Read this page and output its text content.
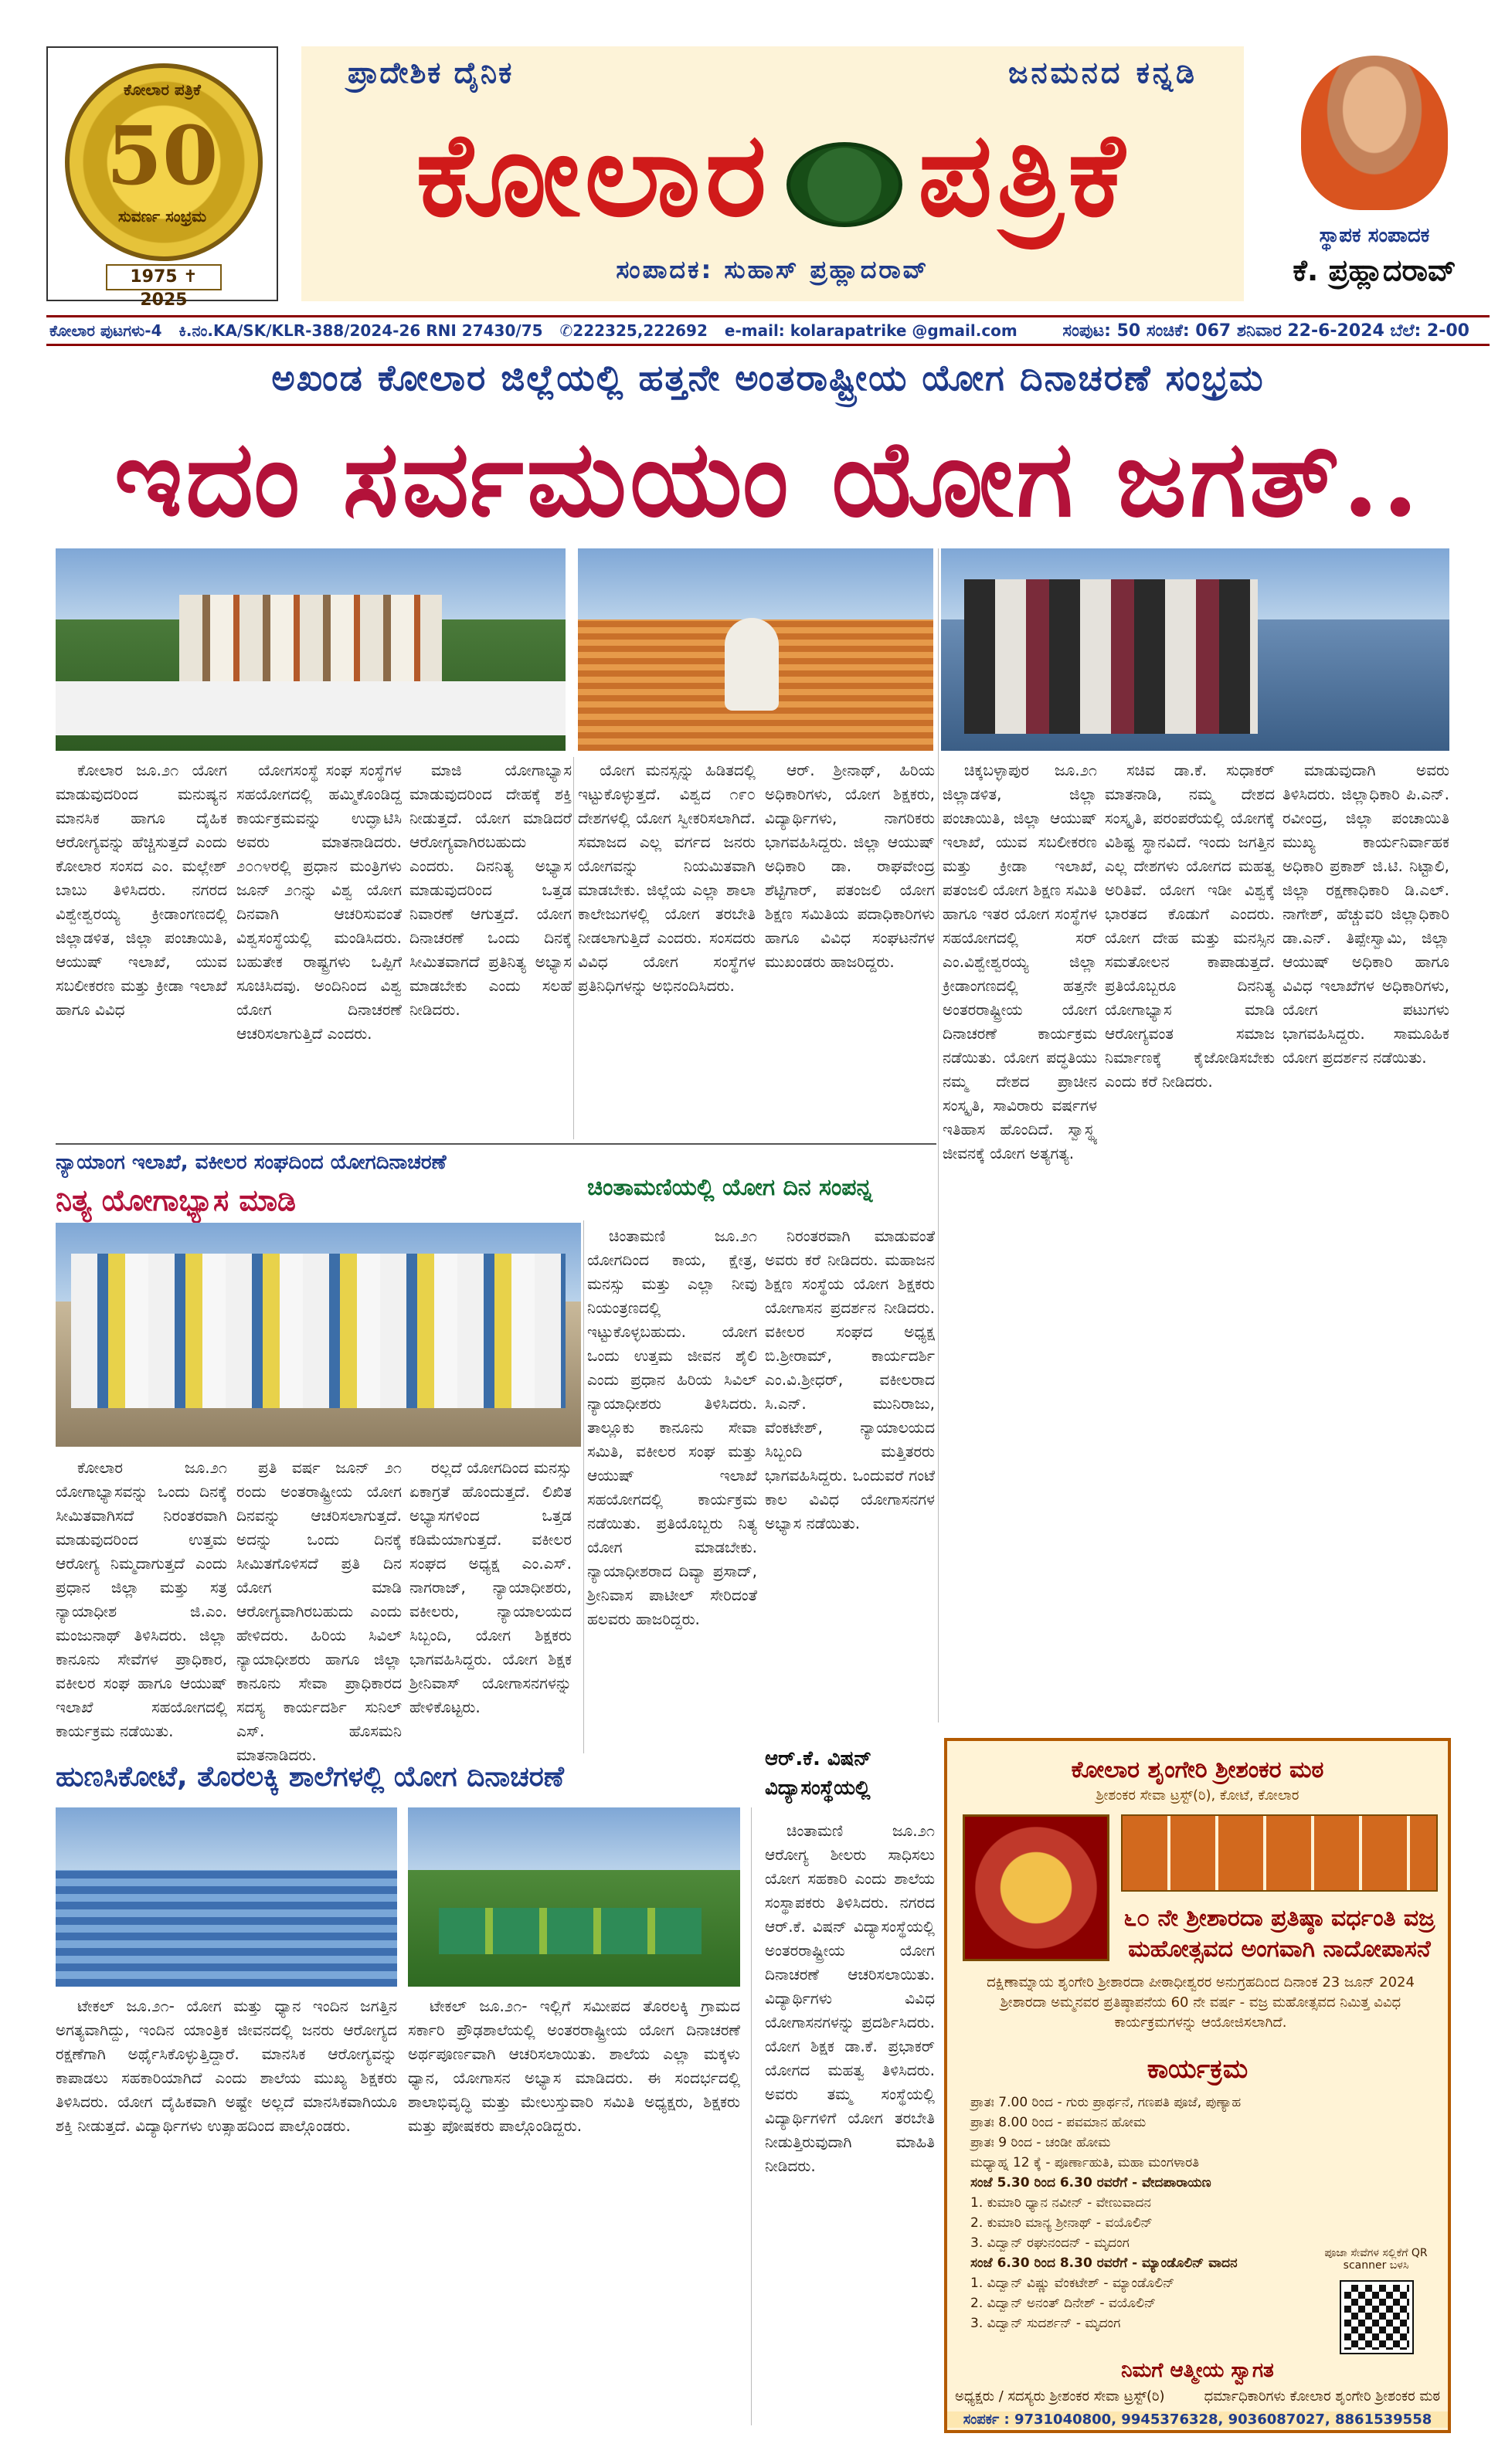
ಕೋಲಾರ ಪತ್ರಿಕೆ
50
ಸುವರ್ಣ ಸಂಭ್ರಮ
1975 ✝ 2025
ಪ್ರಾದೇಶಿಕ ದೈನಿಕ	ಜನಮನದ ಕನ್ನಡಿ
ಕೋಲಾರ ಪತ್ರಿಕೆ
ಸಂಪಾದಕ: ಸುಹಾಸ್ ಪ್ರಹ್ಲಾದರಾವ್
ಸ್ಥಾಪಕ ಸಂಪಾದಕ
ಕೆ. ಪ್ರಹ್ಲಾದರಾವ್
ಕೋಲಾರ ಪುಟಗಳು-4 ಕಿ.ನಂ.KA/SK/KLR-388/2024-26 RNI 27430/75 ✆222325,222692 e-mail: kolarapatrike @gmail.com	ಸಂಪುಟ: 50 ಸಂಚಿಕೆ: 067 ಶನಿವಾರ 22-6-2024 ಬೆಲೆ: 2-00
ಅಖಂಡ ಕೋಲಾರ ಜಿಲ್ಲೆಯಲ್ಲಿ ಹತ್ತನೇ ಅಂತರಾಷ್ಟ್ರೀಯ ಯೋಗ ದಿನಾಚರಣೆ ಸಂಭ್ರಮ
ಇದಂ ಸರ್ವಮಯಂ ಯೋಗ ಜಗತ್..

ಕೋಲಾರ ಜೂ.೨೧ ಯೋಗ ಮಾಡುವುದರಿಂದ ಮನುಷ್ಯನ ಮಾನಸಿಕ ಹಾಗೂ ದೈಹಿಕ ಆರೋಗ್ಯವನ್ನು ಹೆಚ್ಚಿಸುತ್ತದೆ ಎಂದು ಕೋಲಾರ ಸಂಸದ ಎಂ. ಮಲ್ಲೇಶ್ ಬಾಬು ತಿಳಿಸಿದರು. ನಗರದ ವಿಶ್ವೇಶ್ವರಯ್ಯ ಕ್ರೀಡಾಂಗಣದಲ್ಲಿ ಜಿಲ್ಲಾಡಳಿತ, ಜಿಲ್ಲಾ ಪಂಚಾಯಿತಿ, ಆಯುಷ್ ಇಲಾಖೆ, ಯುವ ಸಬಲೀಕರಣ ಮತ್ತು ಕ್ರೀಡಾ ಇಲಾಖೆ ಹಾಗೂ ವಿವಿಧ

ಯೋಗಸಂಸ್ಥೆ ಸಂಘ ಸಂಸ್ಥೆಗಳ ಸಹಯೋಗದಲ್ಲಿ ಹಮ್ಮಿಕೊಂಡಿದ್ದ ಕಾರ್ಯಕ್ರಮವನ್ನು ಉದ್ಘಾಟಿಸಿ ಅವರು ಮಾತನಾಡಿದರು. ೨೦೧೪ರಲ್ಲಿ ಪ್ರಧಾನ ಮಂತ್ರಿಗಳು ಜೂನ್ ೨೧ನ್ನು ವಿಶ್ವ ಯೋಗ ದಿನವಾಗಿ ಆಚರಿಸುವಂತೆ ವಿಶ್ವಸಂಸ್ಥೆಯಲ್ಲಿ ಮಂಡಿಸಿದರು. ಬಹುತೇಕ ರಾಷ್ಟ್ರಗಳು ಒಪ್ಪಿಗೆ ಸೂಚಿಸಿದವು. ಅಂದಿನಿಂದ ವಿಶ್ವ ಯೋಗ ದಿನಾಚರಣೆ ಆಚರಿಸಲಾಗುತ್ತಿದೆ ಎಂದರು.

ಮಾಜಿ ಯೋಗಾಭ್ಯಾಸ ಮಾಡುವುದರಿಂದ ದೇಹಕ್ಕೆ ಶಕ್ತಿ ನೀಡುತ್ತದೆ. ಯೋಗ ಮಾಡಿದರೆ ಆರೋಗ್ಯವಾಗಿರಬಹುದು ಎಂದರು. ದಿನನಿತ್ಯ ಅಭ್ಯಾಸ ಮಾಡುವುದರಿಂದ ಒತ್ತಡ ನಿವಾರಣೆ ಆಗುತ್ತದೆ. ಯೋಗ ದಿನಾಚರಣೆ ಒಂದು ದಿನಕ್ಕೆ ಸೀಮಿತವಾಗದೆ ಪ್ರತಿನಿತ್ಯ ಅಭ್ಯಾಸ ಮಾಡಬೇಕು ಎಂದು ಸಲಹೆ ನೀಡಿದರು.

ಯೋಗ ಮನಸ್ಸನ್ನು ಹಿಡಿತದಲ್ಲಿ ಇಟ್ಟುಕೊಳ್ಳುತ್ತದೆ. ವಿಶ್ವದ ೧೯೦ ದೇಶಗಳಲ್ಲಿ ಯೋಗ ಸ್ವೀಕರಿಸಲಾಗಿದೆ. ಸಮಾಜದ ಎಲ್ಲ ವರ್ಗದ ಜನರು ಯೋಗವನ್ನು ನಿಯಮಿತವಾಗಿ ಮಾಡಬೇಕು. ಜಿಲ್ಲೆಯ ಎಲ್ಲಾ ಶಾಲಾ ಕಾಲೇಜುಗಳಲ್ಲಿ ಯೋಗ ತರಬೇತಿ ನೀಡಲಾಗುತ್ತಿದೆ ಎಂದರು. ಸಂಸದರು ವಿವಿಧ ಯೋಗ ಸಂಸ್ಥೆಗಳ ಪ್ರತಿನಿಧಿಗಳನ್ನು ಅಭಿನಂದಿಸಿದರು.

ಆರ್. ಶ್ರೀನಾಥ್, ಹಿರಿಯ ಅಧಿಕಾರಿಗಳು, ಯೋಗ ಶಿಕ್ಷಕರು, ವಿದ್ಯಾರ್ಥಿಗಳು, ನಾಗರಿಕರು ಭಾಗವಹಿಸಿದ್ದರು. ಜಿಲ್ಲಾ ಆಯುಷ್ ಅಧಿಕಾರಿ ಡಾ. ರಾಘವೇಂದ್ರ ಶೆಟ್ಟಿಗಾರ್, ಪತಂಜಲಿ ಯೋಗ ಶಿಕ್ಷಣ ಸಮಿತಿಯ ಪದಾಧಿಕಾರಿಗಳು ಹಾಗೂ ವಿವಿಧ ಸಂಘಟನೆಗಳ ಮುಖಂಡರು ಹಾಜರಿದ್ದರು.

ಚಿಕ್ಕಬಳ್ಳಾಪುರ ಜೂ.೨೧ ಜಿಲ್ಲಾಡಳಿತ, ಜಿಲ್ಲಾ ಪಂಚಾಯಿತಿ, ಜಿಲ್ಲಾ ಆಯುಷ್ ಇಲಾಖೆ, ಯುವ ಸಬಲೀಕರಣ ಮತ್ತು ಕ್ರೀಡಾ ಇಲಾಖೆ, ಪತಂಜಲಿ ಯೋಗ ಶಿಕ್ಷಣ ಸಮಿತಿ ಹಾಗೂ ಇತರ ಯೋಗ ಸಂಸ್ಥೆಗಳ ಸಹಯೋಗದಲ್ಲಿ ಸರ್ ಎಂ.ವಿಶ್ವೇಶ್ವರಯ್ಯ ಜಿಲ್ಲಾ ಕ್ರೀಡಾಂಗಣದಲ್ಲಿ ಹತ್ತನೇ ಅಂತರರಾಷ್ಟ್ರೀಯ ಯೋಗ ದಿನಾಚರಣೆ ಕಾರ್ಯಕ್ರಮ ನಡೆಯಿತು. ಯೋಗ ಪದ್ಧತಿಯು ನಮ್ಮ ದೇಶದ ಪ್ರಾಚೀನ ಸಂಸ್ಕೃತಿ, ಸಾವಿರಾರು ವರ್ಷಗಳ ಇತಿಹಾಸ ಹೊಂದಿದೆ. ಸ್ವಾಸ್ಥ್ಯ ಜೀವನಕ್ಕೆ ಯೋಗ ಅತ್ಯಗತ್ಯ.

ಸಚಿವ ಡಾ.ಕೆ. ಸುಧಾಕರ್ ಮಾತನಾಡಿ, ನಮ್ಮ ದೇಶದ ಸಂಸ್ಕೃತಿ, ಪರಂಪರೆಯಲ್ಲಿ ಯೋಗಕ್ಕೆ ವಿಶಿಷ್ಟ ಸ್ಥಾನವಿದೆ. ಇಂದು ಜಗತ್ತಿನ ಎಲ್ಲ ದೇಶಗಳು ಯೋಗದ ಮಹತ್ವ ಅರಿತಿವೆ. ಯೋಗ ಇಡೀ ವಿಶ್ವಕ್ಕೆ ಭಾರತದ ಕೊಡುಗೆ ಎಂದರು. ಯೋಗ ದೇಹ ಮತ್ತು ಮನಸ್ಸಿನ ಸಮತೋಲನ ಕಾಪಾಡುತ್ತದೆ. ಪ್ರತಿಯೊಬ್ಬರೂ ದಿನನಿತ್ಯ ಯೋಗಾಭ್ಯಾಸ ಮಾಡಿ ಆರೋಗ್ಯವಂತ ಸಮಾಜ ನಿರ್ಮಾಣಕ್ಕೆ ಕೈಜೋಡಿಸಬೇಕು ಎಂದು ಕರೆ ನೀಡಿದರು.

ಮಾಡುವುದಾಗಿ ಅವರು ತಿಳಿಸಿದರು. ಜಿಲ್ಲಾಧಿಕಾರಿ ಪಿ.ಎನ್. ರವೀಂದ್ರ, ಜಿಲ್ಲಾ ಪಂಚಾಯಿತಿ ಮುಖ್ಯ ಕಾರ್ಯನಿರ್ವಾಹಕ ಅಧಿಕಾರಿ ಪ್ರಕಾಶ್ ಜಿ.ಟಿ. ನಿಟ್ಟಾಲಿ, ಜಿಲ್ಲಾ ರಕ್ಷಣಾಧಿಕಾರಿ ಡಿ.ಎಲ್. ನಾಗೇಶ್, ಹೆಚ್ಚುವರಿ ಜಿಲ್ಲಾಧಿಕಾರಿ ಡಾ.ಎನ್. ತಿಪ್ಪೇಸ್ವಾಮಿ, ಜಿಲ್ಲಾ ಆಯುಷ್ ಅಧಿಕಾರಿ ಹಾಗೂ ವಿವಿಧ ಇಲಾಖೆಗಳ ಅಧಿಕಾರಿಗಳು, ಯೋಗ ಪಟುಗಳು ಭಾಗವಹಿಸಿದ್ದರು. ಸಾಮೂಹಿಕ ಯೋಗ ಪ್ರದರ್ಶನ ನಡೆಯಿತು.

ನ್ಯಾಯಾಂಗ ಇಲಾಖೆ, ವಕೀಲರ ಸಂಘದಿಂದ ಯೋಗದಿನಾಚರಣೆ
ನಿತ್ಯ ಯೋಗಾಭ್ಯಾಸ ಮಾಡಿ

ಕೋಲಾರ ಜೂ.೨೧ ಯೋಗಾಭ್ಯಾಸವನ್ನು ಒಂದು ದಿನಕ್ಕೆ ಸೀಮಿತವಾಗಿಸದೆ ನಿರಂತರವಾಗಿ ಮಾಡುವುದರಿಂದ ಉತ್ತಮ ಆರೋಗ್ಯ ನಿಮ್ಮದಾಗುತ್ತದೆ ಎಂದು ಪ್ರಧಾನ ಜಿಲ್ಲಾ ಮತ್ತು ಸತ್ರ ನ್ಯಾಯಾಧೀಶ ಜಿ.ಎಂ. ಮಂಜುನಾಥ್ ತಿಳಿಸಿದರು. ಜಿಲ್ಲಾ ಕಾನೂನು ಸೇವೆಗಳ ಪ್ರಾಧಿಕಾರ, ವಕೀಲರ ಸಂಘ ಹಾಗೂ ಆಯುಷ್ ಇಲಾಖೆ ಸಹಯೋಗದಲ್ಲಿ ಕಾರ್ಯಕ್ರಮ ನಡೆಯಿತು.

ಪ್ರತಿ ವರ್ಷ ಜೂನ್ ೨೧ ರಂದು ಅಂತರಾಷ್ಟ್ರೀಯ ಯೋಗ ದಿನವನ್ನು ಆಚರಿಸಲಾಗುತ್ತದೆ. ಅದನ್ನು ಒಂದು ದಿನಕ್ಕೆ ಸೀಮಿತಗೊಳಿಸದೆ ಪ್ರತಿ ದಿನ ಯೋಗ ಮಾಡಿ ಆರೋಗ್ಯವಾಗಿರಬಹುದು ಎಂದು ಹೇಳಿದರು. ಹಿರಿಯ ಸಿವಿಲ್ ನ್ಯಾಯಾಧೀಶರು ಹಾಗೂ ಜಿಲ್ಲಾ ಕಾನೂನು ಸೇವಾ ಪ್ರಾಧಿಕಾರದ ಸದಸ್ಯ ಕಾರ್ಯದರ್ಶಿ ಸುನಿಲ್ ಎಸ್. ಹೊಸಮನಿ ಮಾತನಾಡಿದರು.

ರಲ್ಲದೆ ಯೋಗದಿಂದ ಮನಸ್ಸು ಏಕಾಗ್ರತೆ ಹೊಂದುತ್ತದೆ. ಲಿಖಿತ ಅಭ್ಯಾಸಗಳಿಂದ ಒತ್ತಡ ಕಡಿಮೆಯಾಗುತ್ತದೆ. ವಕೀಲರ ಸಂಘದ ಅಧ್ಯಕ್ಷ ಎಂ.ಎಸ್. ನಾಗರಾಜ್, ನ್ಯಾಯಾಧೀಶರು, ವಕೀಲರು, ನ್ಯಾಯಾಲಯದ ಸಿಬ್ಬಂದಿ, ಯೋಗ ಶಿಕ್ಷಕರು ಭಾಗವಹಿಸಿದ್ದರು. ಯೋಗ ಶಿಕ್ಷಕ ಶ್ರೀನಿವಾಸ್ ಯೋಗಾಸನಗಳನ್ನು ಹೇಳಿಕೊಟ್ಟರು.

ಚಿಂತಾಮಣಿಯಲ್ಲಿ ಯೋಗ ದಿನ ಸಂಪನ್ನ

ಚಿಂತಾಮಣಿ ಜೂ.೨೧ ಯೋಗದಿಂದ ಕಾಯ, ಕ್ಷೇತ್ರ, ಮನಸ್ಸು ಮತ್ತು ಎಲ್ಲಾ ನೀವು ನಿಯಂತ್ರಣದಲ್ಲಿ ಇಟ್ಟುಕೊಳ್ಳಬಹುದು. ಯೋಗ ಒಂದು ಉತ್ತಮ ಜೀವನ ಶೈಲಿ ಎಂದು ಪ್ರಧಾನ ಹಿರಿಯ ಸಿವಿಲ್ ನ್ಯಾಯಾಧೀಶರು ತಿಳಿಸಿದರು. ತಾಲ್ಲೂಕು ಕಾನೂನು ಸೇವಾ ಸಮಿತಿ, ವಕೀಲರ ಸಂಘ ಮತ್ತು ಆಯುಷ್ ಇಲಾಖೆ ಸಹಯೋಗದಲ್ಲಿ ಕಾರ್ಯಕ್ರಮ ನಡೆಯಿತು. ಪ್ರತಿಯೊಬ್ಬರು ನಿತ್ಯ ಯೋಗ ಮಾಡಬೇಕು. ನ್ಯಾಯಾಧೀಶರಾದ ದಿವ್ಯಾ ಪ್ರಸಾದ್, ಶ್ರೀನಿವಾಸ ಪಾಟೀಲ್ ಸೇರಿದಂತೆ ಹಲವರು ಹಾಜರಿದ್ದರು.

ನಿರಂತರವಾಗಿ ಮಾಡುವಂತೆ ಅವರು ಕರೆ ನೀಡಿದರು. ಮಹಾಜನ ಶಿಕ್ಷಣ ಸಂಸ್ಥೆಯ ಯೋಗ ಶಿಕ್ಷಕರು ಯೋಗಾಸನ ಪ್ರದರ್ಶನ ನೀಡಿದರು. ವಕೀಲರ ಸಂಘದ ಅಧ್ಯಕ್ಷ ಬಿ.ಶ್ರೀರಾಮ್, ಕಾರ್ಯದರ್ಶಿ ಎಂ.ವಿ.ಶ್ರೀಧರ್, ವಕೀಲರಾದ ಸಿ.ಎನ್. ಮುನಿರಾಜು, ವೆಂಕಟೇಶ್, ನ್ಯಾಯಾಲಯದ ಸಿಬ್ಬಂದಿ ಮತ್ತಿತರರು ಭಾಗವಹಿಸಿದ್ದರು. ಒಂದುವರೆ ಗಂಟೆ ಕಾಲ ವಿವಿಧ ಯೋಗಾಸನಗಳ ಅಭ್ಯಾಸ ನಡೆಯಿತು.

ಹುಣಸಿಕೋಟೆ, ತೊರಲಕ್ಕಿ ಶಾಲೆಗಳಲ್ಲಿ ಯೋಗ ದಿನಾಚರಣೆ

ಟೇಕಲ್ ಜೂ.೨೧- ಯೋಗ ಮತ್ತು ಧ್ಯಾನ ಇಂದಿನ ಜಗತ್ತಿನ ಅಗತ್ಯವಾಗಿದ್ದು, ಇಂದಿನ ಯಾಂತ್ರಿಕ ಜೀವನದಲ್ಲಿ ಜನರು ಆರೋಗ್ಯದ ರಕ್ಷಣೆಗಾಗಿ ಅರ್ಥೈಸಿಕೊಳ್ಳುತ್ತಿದ್ದಾರೆ. ಮಾನಸಿಕ ಆರೋಗ್ಯವನ್ನು ಕಾಪಾಡಲು ಸಹಕಾರಿಯಾಗಿದೆ ಎಂದು ಶಾಲೆಯ ಮುಖ್ಯ ಶಿಕ್ಷಕರು ತಿಳಿಸಿದರು. ಯೋಗ ದೈಹಿಕವಾಗಿ ಅಷ್ಟೇ ಅಲ್ಲದೆ ಮಾನಸಿಕವಾಗಿಯೂ ಶಕ್ತಿ ನೀಡುತ್ತದೆ. ವಿದ್ಯಾರ್ಥಿಗಳು ಉತ್ಸಾಹದಿಂದ ಪಾಲ್ಗೊಂಡರು.

ಟೇಕಲ್ ಜೂ.೨೧- ಇಲ್ಲಿಗೆ ಸಮೀಪದ ತೊರಲಕ್ಕಿ ಗ್ರಾಮದ ಸರ್ಕಾರಿ ಪ್ರೌಢಶಾಲೆಯಲ್ಲಿ ಅಂತರರಾಷ್ಟ್ರೀಯ ಯೋಗ ದಿನಾಚರಣೆ ಅರ್ಥಪೂರ್ಣವಾಗಿ ಆಚರಿಸಲಾಯಿತು. ಶಾಲೆಯ ಎಲ್ಲಾ ಮಕ್ಕಳು ಧ್ಯಾನ, ಯೋಗಾಸನ ಅಭ್ಯಾಸ ಮಾಡಿದರು. ಈ ಸಂದರ್ಭದಲ್ಲಿ ಶಾಲಾಭಿವೃದ್ಧಿ ಮತ್ತು ಮೇಲುಸ್ತುವಾರಿ ಸಮಿತಿ ಅಧ್ಯಕ್ಷರು, ಶಿಕ್ಷಕರು ಮತ್ತು ಪೋಷಕರು ಪಾಲ್ಗೊಂಡಿದ್ದರು.

ಆರ್.ಕೆ. ವಿಷನ್ ವಿದ್ಯಾಸಂಸ್ಥೆಯಲ್ಲಿ

ಚಿಂತಾಮಣಿ ಜೂ.೨೧ ಆರೋಗ್ಯ ಶೀಲರು ಸಾಧಿಸಲು ಯೋಗ ಸಹಕಾರಿ ಎಂದು ಶಾಲೆಯ ಸಂಸ್ಥಾಪಕರು ತಿಳಿಸಿದರು. ನಗರದ ಆರ್.ಕೆ. ವಿಷನ್ ವಿದ್ಯಾಸಂಸ್ಥೆಯಲ್ಲಿ ಅಂತರರಾಷ್ಟ್ರೀಯ ಯೋಗ ದಿನಾಚರಣೆ ಆಚರಿಸಲಾಯಿತು. ವಿದ್ಯಾರ್ಥಿಗಳು ವಿವಿಧ ಯೋಗಾಸನಗಳನ್ನು ಪ್ರದರ್ಶಿಸಿದರು. ಯೋಗ ಶಿಕ್ಷಕ ಡಾ.ಕೆ. ಪ್ರಭಾಕರ್ ಯೋಗದ ಮಹತ್ವ ತಿಳಿಸಿದರು. ಅವರು ತಮ್ಮ ಸಂಸ್ಥೆಯಲ್ಲಿ ವಿದ್ಯಾರ್ಥಿಗಳಿಗೆ ಯೋಗ ತರಬೇತಿ ನೀಡುತ್ತಿರುವುದಾಗಿ ಮಾಹಿತಿ ನೀಡಿದರು.

ಕೋಲಾರ ಶೃಂಗೇರಿ ಶ್ರೀಶಂಕರ ಮಠ
ಶ್ರೀಶಂಕರ ಸೇವಾ ಟ್ರಸ್ಟ್(ರಿ), ಕೋಟೆ, ಕೋಲಾರ
೬೦ ನೇ ಶ್ರೀಶಾರದಾ ಪ್ರತಿಷ್ಠಾ ವರ್ಧಂತಿ ವಜ್ರ ಮಹೋತ್ಸವದ ಅಂಗವಾಗಿ ನಾದೋಪಾಸನೆ
ದಕ್ಷಿಣಾಮ್ನಾಯ ಶೃಂಗೇರಿ ಶ್ರೀಶಾರದಾ ಪೀಠಾಧೀಶ್ವರರ ಅನುಗ್ರಹದಿಂದ ದಿನಾಂಕ 23 ಜೂನ್ 2024 ಶ್ರೀಶಾರದಾ ಅಮ್ಮನವರ ಪ್ರತಿಷ್ಠಾಪನೆಯ 60 ನೇ ವರ್ಷ - ವಜ್ರ ಮಹೋತ್ಸವದ ನಿಮಿತ್ತ ವಿವಿಧ ಕಾರ್ಯಕ್ರಮಗಳನ್ನು ಆಯೋಜಿಸಲಾಗಿದೆ.
ಕಾರ್ಯಕ್ರಮ
ಪ್ರಾತಃ 7.00 ರಿಂದ - ಗುರು ಪ್ರಾರ್ಥನೆ, ಗಣಪತಿ ಪೂಜೆ, ಪುಣ್ಯಾಹ
ಪ್ರಾತಃ 8.00 ರಿಂದ - ಪವಮಾನ ಹೋಮ
ಪ್ರಾತಃ 9 ರಿಂದ - ಚಂಡೀ ಹೋಮ
ಮಧ್ಯಾಹ್ನ 12 ಕ್ಕೆ - ಪೂರ್ಣಾಹುತಿ, ಮಹಾ ಮಂಗಳಾರತಿ
ಸಂಜೆ 5.30 ರಿಂದ 6.30 ರವರೆಗೆ - ವೇದಪಾರಾಯಣ
1. ಕುಮಾರಿ ಧ್ಯಾನ ನವೀನ್ - ವೇಣುವಾದನ
2. ಕುಮಾರಿ ಮಾನ್ಯ ಶ್ರೀನಾಥ್ - ವಯೊಲಿನ್
3. ವಿದ್ವಾನ್ ರಘುನಂದನ್ - ಮೃದಂಗ
ಸಂಜೆ 6.30 ರಿಂದ 8.30 ರವರೆಗೆ - ಮ್ಯಾಂಡೊಲಿನ್ ವಾದನ
1. ವಿದ್ವಾನ್ ವಿಷ್ಣು ವೆಂಕಟೇಶ್ - ಮ್ಯಾಂಡೊಲಿನ್
2. ವಿದ್ವಾನ್ ಅನಂತ್ ದಿನೇಶ್ - ವಯೊಲಿನ್
3. ವಿದ್ವಾನ್ ಸುದರ್ಶನ್ - ಮೃದಂಗ
ಪೂಜಾ ಸೇವೆಗಳ ಸಲ್ಲಿಕೆಗೆ QR scanner ಬಳಸಿ
ನಿಮಗೆ ಆತ್ಮೀಯ ಸ್ವಾಗತ
ಅಧ್ಯಕ್ಷರು / ಸದಸ್ಯರು ಶ್ರೀಶಂಕರ ಸೇವಾ ಟ್ರಸ್ಟ್(ರಿ)	ಧರ್ಮಾಧಿಕಾರಿಗಳು ಕೋಲಾರ ಶೃಂಗೇರಿ ಶ್ರೀಶಂಕರ ಮಠ
ಸಂಪರ್ಕ : 9731040800, 9945376328, 9036087027, 8861539558
